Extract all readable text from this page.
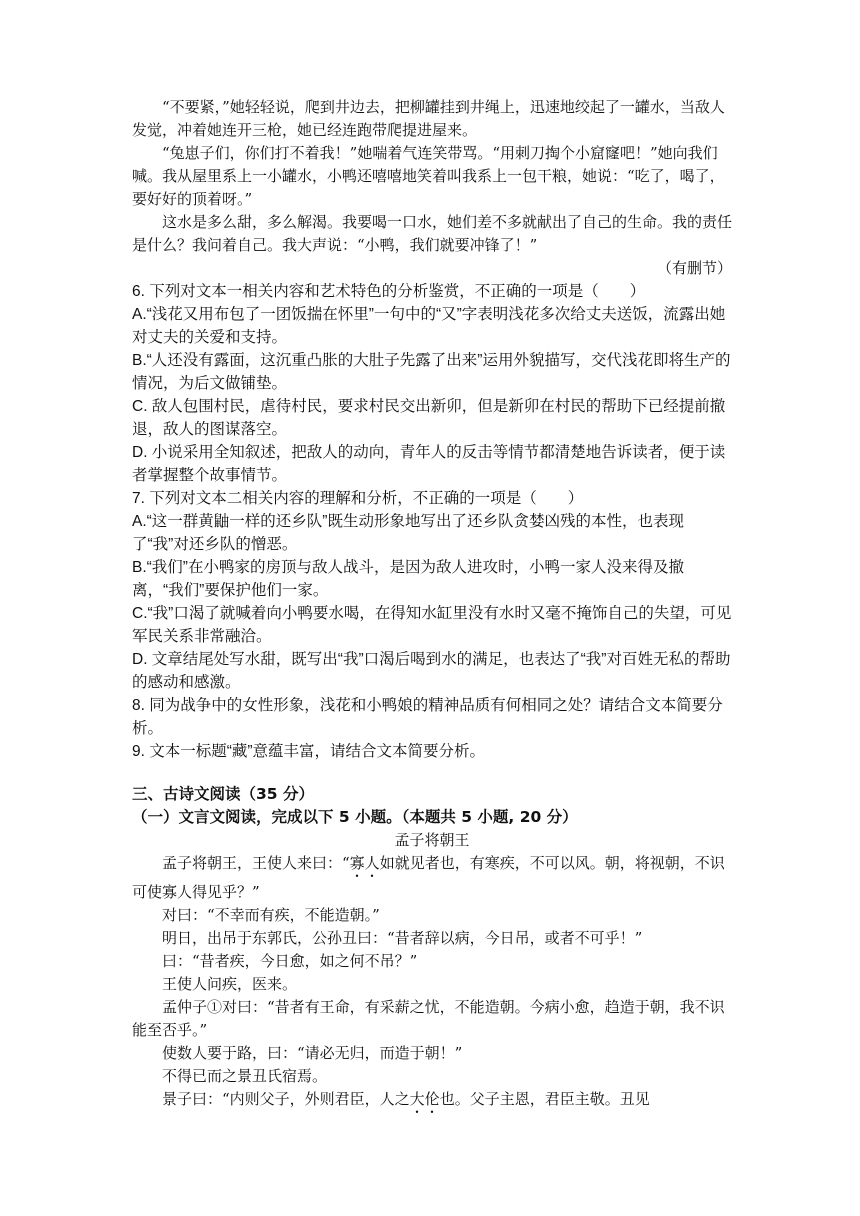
“不要紧，”她轻轻说，爬到井边去，把柳罐挂到井绳上，迅速地绞起了一罐水，当敌人发觉，冲着她连开三枪，她已经连跑带爬提进屋来。

“兔崽子们，你们打不着我！”她喘着气连笑带骂。“用刺刀掏个小窟窿吧！”她向我们喊。我从屋里系上一小罐水，小鸭还嘻嘻地笑着叫我系上一包干粮，她说：“吃了，喝了，要好好的顶着呀。”

这水是多么甜，多么解渴。我要喝一口水，她们差不多就献出了自己的生命。我的责任是什么？我问着自己。我大声说：“小鸭，我们就要冲锋了！”

（有删节）

6. 下列对文本一相关内容和艺术特色的分析鉴赏，不正确的一项是（　　）

A.“浅花又用布包了一团饭揣在怀里”一句中的“又”字表明浅花多次给丈夫送饭，流露出她对丈夫的关爱和支持。

B.“人还没有露面，这沉重凸胀的大肚子先露了出来”运用外貌描写，交代浅花即将生产的情况，为后文做铺垫。

C. 敌人包围村民，虐待村民，要求村民交出新卯，但是新卯在村民的帮助下已经提前撤退，敌人的图谋落空。

D. 小说采用全知叙述，把敌人的动向，青年人的反击等情节都清楚地告诉读者，便于读者掌握整个故事情节。

7. 下列对文本二相关内容的理解和分析，不正确的一项是（　　）

A.“这一群黄鼬一样的还乡队”既生动形象地写出了还乡队贪婪凶残的本性，也表现了“我”对还乡队的憎恶。

B.“我们”在小鸭家的房顶与敌人战斗，是因为敌人进攻时，小鸭一家人没来得及撤离，“我们”要保护他们一家。

C.“我”口渴了就喊着向小鸭要水喝，在得知水缸里没有水时又毫不掩饰自己的失望，可见军民关系非常融洽。

D. 文章结尾处写水甜，既写出“我”口渴后喝到水的满足，也表达了“我”对百姓无私的帮助的感动和感激。

8. 同为战争中的女性形象，浅花和小鸭娘的精神品质有何相同之处？请结合文本简要分析。

9. 文本一标题“藏”意蕴丰富，请结合文本简要分析。

三、古诗文阅读（35 分）

（一）文言文阅读，完成以下 5 小题。（本题共 5 小题, 20 分）

孟子将朝王

孟子将朝王，王使人来曰：“寡人如就见者也，有寒疾，不可以风。朝，将视朝，不识可使寡人得见乎？”

对曰：“不幸而有疾，不能造朝。”

明日，出吊于东郭氏，公孙丑曰：“昔者辞以病，今日吊，或者不可乎！”

曰：“昔者疾，今日愈，如之何不吊？”

王使人问疾，医来。

孟仲子①对曰：“昔者有王命，有采薪之忧，不能造朝。今病小愈，趋造于朝，我不识能至否乎。”

使数人要于路，曰：“请必无归，而造于朝！”

不得已而之景丑氏宿焉。

景子曰：“内则父子，外则君臣，人之大伦也。父子主恩，君臣主敬。丑见
